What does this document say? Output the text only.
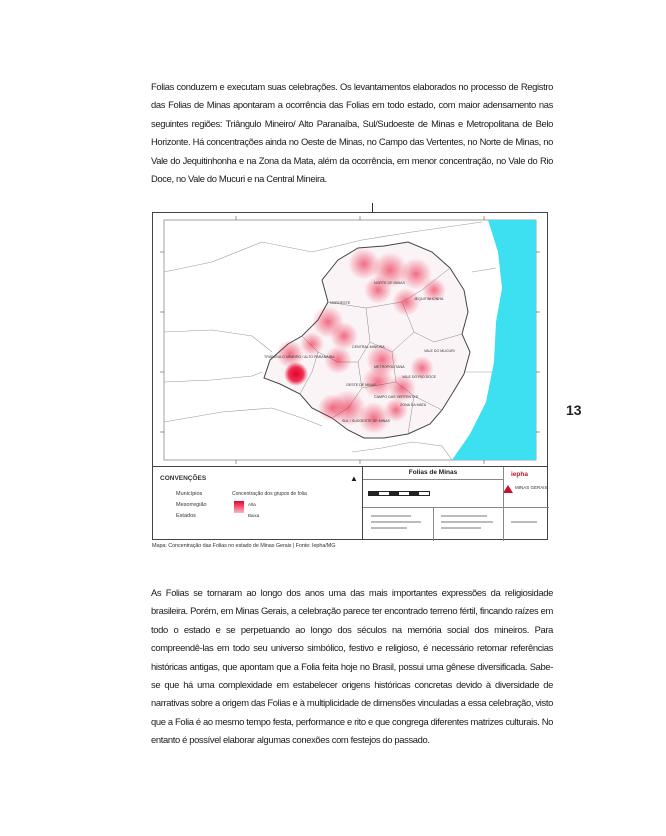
Folias conduzem e executam suas celebrações. Os levantamentos elaborados no processo de Registro das Folias de Minas apontaram a ocorrência das Folias em todo estado, com maior adensamento nas seguintes regiões: Triângulo Mineiro/ Alto Paranaíba, Sul/Sudoeste de Minas e Metropolitana de Belo Horizonte. Há concentrações ainda no Oeste de Minas, no Campo das Vertentes, no Norte de Minas, no Vale do Jequitinhonha e na Zona da Mata, além da ocorrência, em menor concentração, no Vale do Rio Doce, no Vale do Mucuri e na Central Mineira.

NORTE DE MINAS
JEQUITINHONHA
NOROESTE
VALE DO MUCURI
TRIÂNGULO MINEIRO / ALTO PARANAÍBA
CENTRAL MINEIRA
METROPOLITANA
VALE DO RIO DOCE
OESTE DE MINAS
CAMPO DAS VERTENTES
ZONA DA MATA
SUL / SUDOESTE DE MINAS
CONVENÇÕES
Municípios
Mesorregião
Estados
Concentração dos grupos de folia
Alta
Baixa
▲
Folias de Minas	iepha
MINAS GERAIS
Mapa: Concentração das Folias no estado de Minas Gerais | Fonte: Iepha/MG
13

As Folias se tornaram ao longo dos anos uma das mais importantes expressões da religiosidade brasileira. Porém, em Minas Gerais, a celebração parece ter encontrado terreno fértil, fincando raízes em todo o estado e se perpetuando ao longo dos séculos na memória social dos mineiros. Para compreendê-las em todo seu universo simbólico, festivo e religioso, é necessário retomar referências históricas antigas, que apontam que a Folia feita hoje no Brasil, possui uma gênese diversificada. Sabe-se que há uma complexidade em estabelecer origens históricas concretas devido à diversidade de narrativas sobre a origem das Folias e à multiplicidade de dimensões vinculadas a essa celebração, visto que a Folia é ao mesmo tempo festa, performance e rito e que congrega diferentes matrizes culturais. No entanto é possível elaborar algumas conexões com festejos do passado.
